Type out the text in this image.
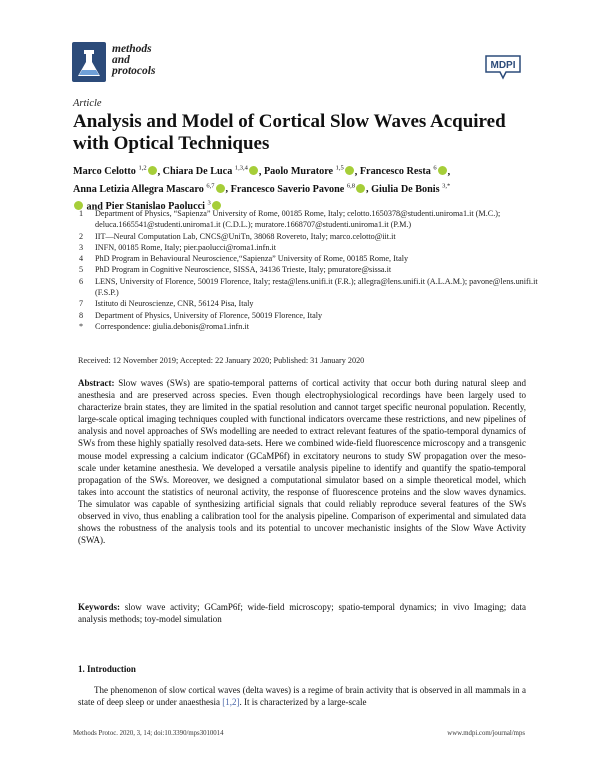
methods
and
protocols	MDPI
Article
Analysis and Model of Cortical Slow Waves Acquired with Optical Techniques
Marco Celotto $^{1,2}$ , Chiara De Luca $^{1,3,4}$ , Paolo Muratore $^{1,5}$ , Francesco Resta $^6$ ,
Anna Letizia Allegra Mascaro $^{6,7}$ , Francesco Saverio Pavone $^{6,8}$ , Giulia De Bonis $^{3,*}$
and Pier Stanislao Paolucci $^3$
1	Department of Physics, “Sapienza” University of Rome, 00185 Rome, Italy; celotto.1650378@studenti.uniroma1.it (M.C.); deluca.1665541@studenti.uniroma1.it (C.D.L.); muratore.1668707@studenti.uniroma1.it (P.M.)
2	IIT—Neural Computation Lab, CNCS@UniTn, 38068 Rovereto, Italy; marco.celotto@iit.it
3	INFN, 00185 Rome, Italy; pier.paolucci@roma1.infn.it
4	PhD Program in Behavioural Neuroscience,“Sapienza” University of Rome, 00185 Rome, Italy
5	PhD Program in Cognitive Neuroscience, SISSA, 34136 Trieste, Italy; pmuratore@sissa.it
6	LENS, University of Florence, 50019 Florence, Italy; resta@lens.unifi.it (F.R.); allegra@lens.unifi.it (A.L.A.M.); pavone@lens.unifi.it (F.S.P.)
7	Istituto di Neuroscienze, CNR, 56124 Pisa, Italy
8	Department of Physics, University of Florence, 50019 Florence, Italy
*	Correspondence: giulia.debonis@roma1.infn.it
Received: 12 November 2019; Accepted: 22 January 2020; Published: 31 January 2020
Abstract: Slow waves (SWs) are spatio-temporal patterns of cortical activity that occur both during natural sleep and anesthesia and are preserved across species. Even though electrophysiological recordings have been largely used to characterize brain states, they are limited in the spatial resolution and cannot target specific neuronal population. Recently, large-scale optical imaging techniques coupled with functional indicators overcame these restrictions, and new pipelines of analysis and novel approaches of SWs modelling are needed to extract relevant features of the spatio-temporal dynamics of SWs from these highly spatially resolved data-sets. Here we combined wide-field fluorescence microscopy and a transgenic mouse model expressing a calcium indicator (GCaMP6f) in excitatory neurons to study SW propagation over the meso-scale under ketamine anesthesia. We developed a versatile analysis pipeline to identify and quantify the spatio-temporal propagation of the SWs. Moreover, we designed a computational simulator based on a simple theoretical model, which takes into account the statistics of neuronal activity, the response of fluorescence proteins and the slow waves dynamics. The simulator was capable of synthesizing artificial signals that could reliably reproduce several features of the SWs observed in vivo, thus enabling a calibration tool for the analysis pipeline. Comparison of experimental and simulated data shows the robustness of the analysis tools and its potential to uncover mechanistic insights of the Slow Wave Activity (SWA).
Keywords: slow wave activity; GCamP6f; wide-field microscopy; spatio-temporal dynamics; in vivo Imaging; data analysis methods; toy-model simulation
1. Introduction
The phenomenon of slow cortical waves (delta waves) is a regime of brain activity that is observed in all mammals in a state of deep sleep or under anaesthesia [1,2]. It is characterized by a large-scale
Methods Protoc. 2020, 3, 14; doi:10.3390/mps3010014	www.mdpi.com/journal/mps
